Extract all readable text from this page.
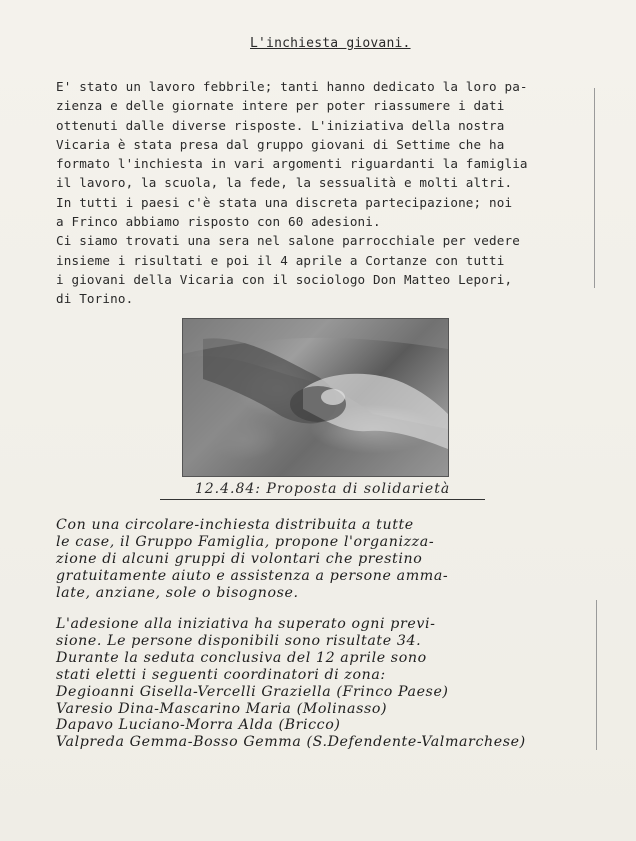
L'inchiesta giovani.

E' stato un lavoro febbrile; tanti hanno dedicato la loro pa-
zienza e delle giornate intere per poter riassumere i dati
ottenuti dalle diverse risposte. L'iniziativa della nostra
Vicaria è stata presa dal gruppo giovani di Settime che ha
formato l'inchiesta in vari argomenti riguardanti la famiglia
il lavoro, la scuola, la fede, la sessualità e molti altri.
In tutti i paesi c'è stata una discreta partecipazione; noi
a Frinco abbiamo risposto con 60 adesioni.
Ci siamo trovati una sera nel salone parrocchiale per vedere
insieme i risultati e poi il 4 aprile a Cortanze con tutti
i giovani della Vicaria con il sociologo Don Matteo Lepori,
di Torino.

12.4.84: Proposta di solidarietà

Con una circolare-inchiesta distribuita a tutte
le case, il Gruppo Famiglia, propone l'organizza-
zione di alcuni gruppi di volontari che prestino
gratuitamente aiuto e assistenza a persone amma-
late, anziane, sole o bisognose.

L'adesione alla iniziativa ha superato ogni previ-
sione. Le persone disponibili sono risultate 34.
Durante la seduta conclusiva del 12 aprile sono
stati eletti i seguenti coordinatori di zona:
Degioanni Gisella-Vercelli Graziella (Frinco Paese)
Varesio Dina-Mascarino Maria (Molinasso)
Dapavo Luciano-Morra Alda (Bricco)
Valpreda Gemma-Bosso Gemma (S.Defendente-Valmarchese)
